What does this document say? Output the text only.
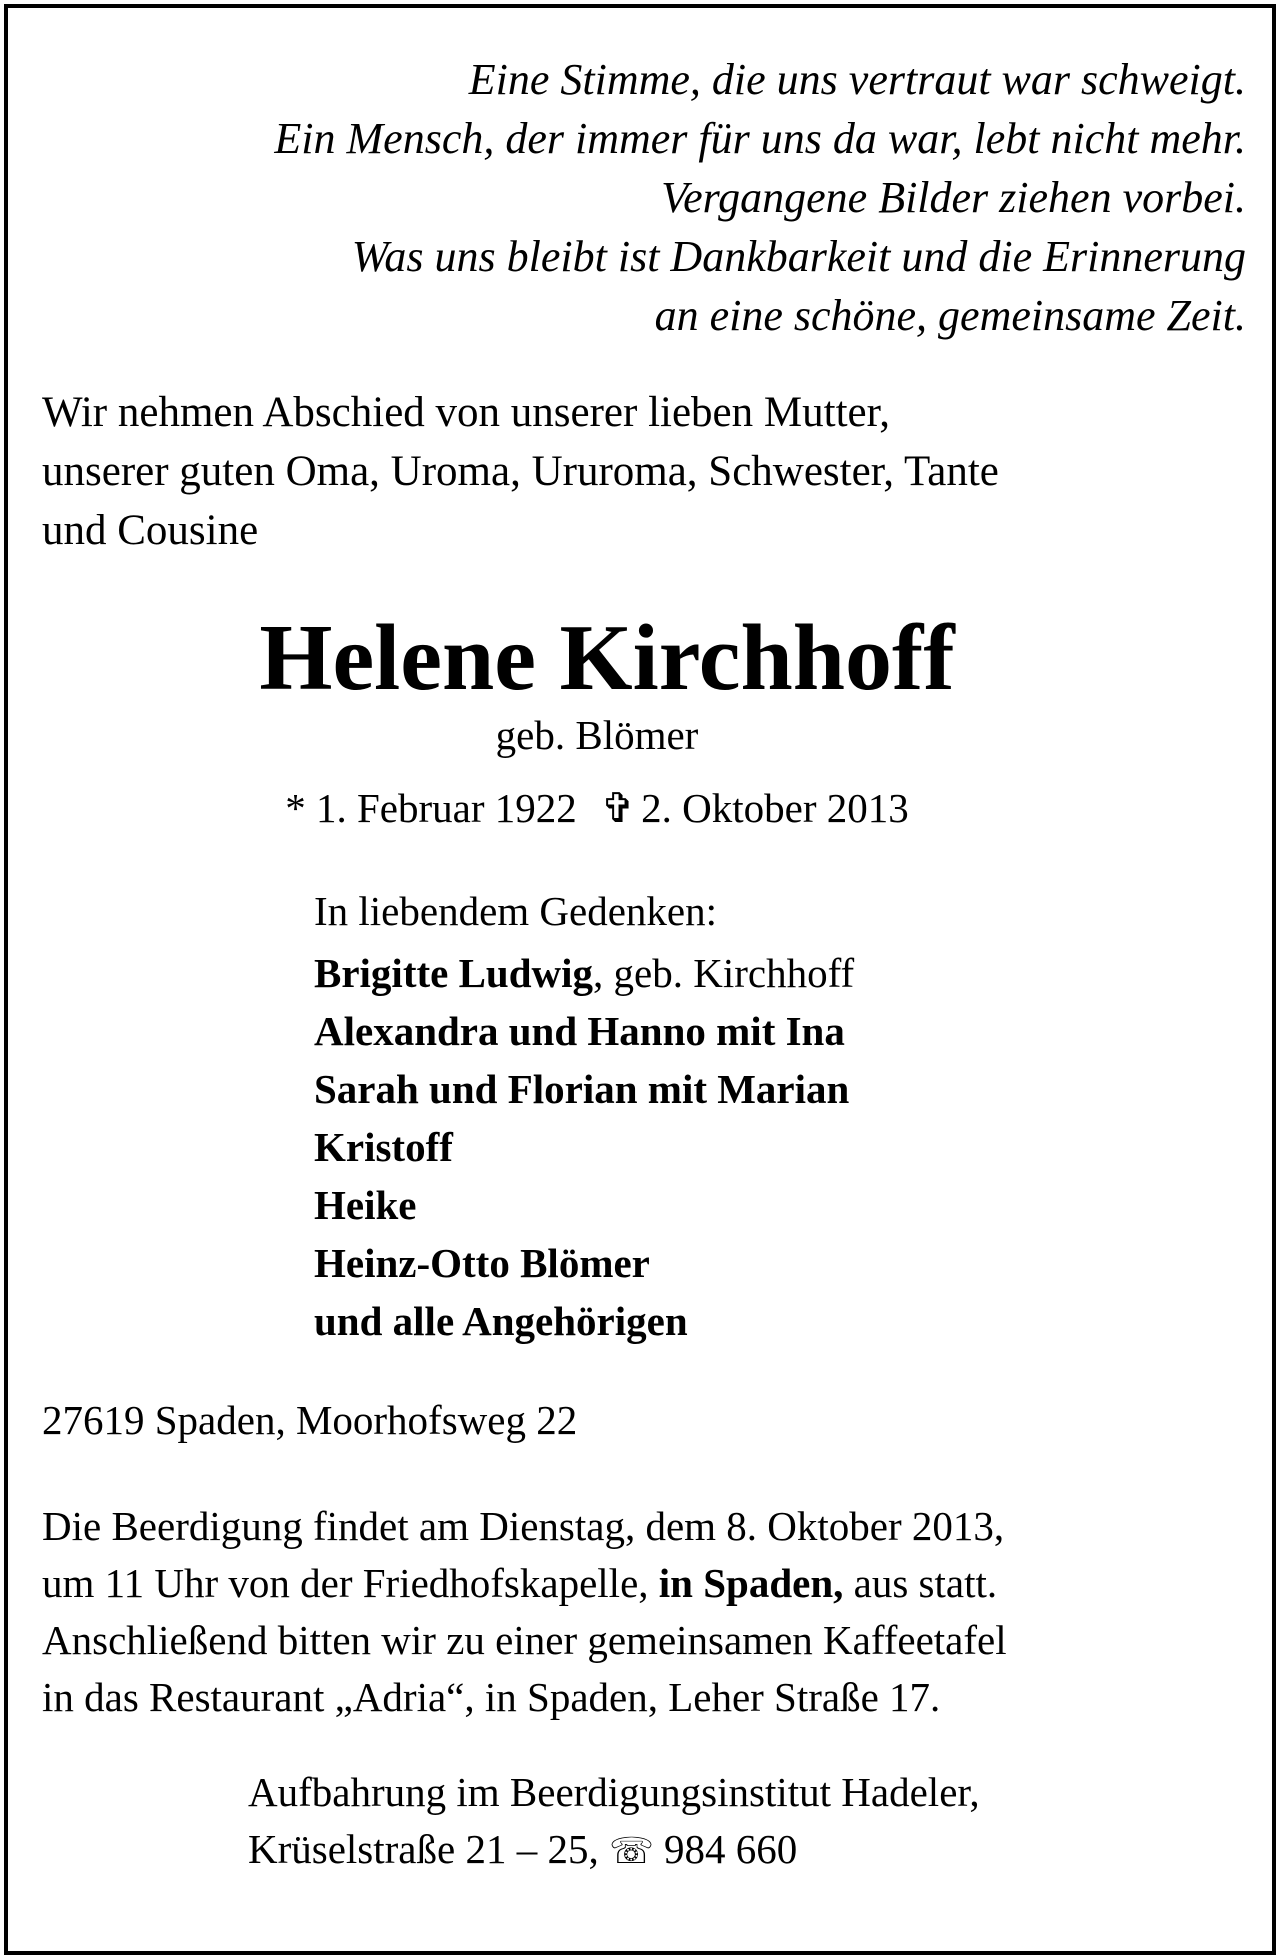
Eine Stimme, die uns vertraut war schweigt.
Ein Mensch, der immer für uns da war, lebt nicht mehr.
Vergangene Bilder ziehen vorbei.
Was uns bleibt ist Dankbarkeit und die Erinnerung
an eine schöne, gemeinsame Zeit.
Wir nehmen Abschied von unserer lieben Mutter,
unserer guten Oma, Uroma, Ururoma, Schwester, Tante
und Cousine
Helene Kirchhoff
geb. Blömer
* 1. Februar 1922 ✞ 2. Oktober 2013
In liebendem Gedenken:
Brigitte Ludwig, geb. Kirchhoff
Alexandra und Hanno mit Ina
Sarah und Florian mit Marian
Kristoff
Heike
Heinz-Otto Blömer
und alle Angehörigen
27619 Spaden, Moorhofsweg 22
Die Beerdigung findet am Dienstag, dem 8. Oktober 2013,
um 11 Uhr von der Friedhofskapelle, in Spaden, aus statt.
Anschließend bitten wir zu einer gemeinsamen Kaffeetafel
in das Restaurant „Adria“, in Spaden, Leher Straße 17.
Aufbahrung im Beerdigungsinstitut Hadeler,
Krüselstraße 21 – 25, ☏ 984 660
